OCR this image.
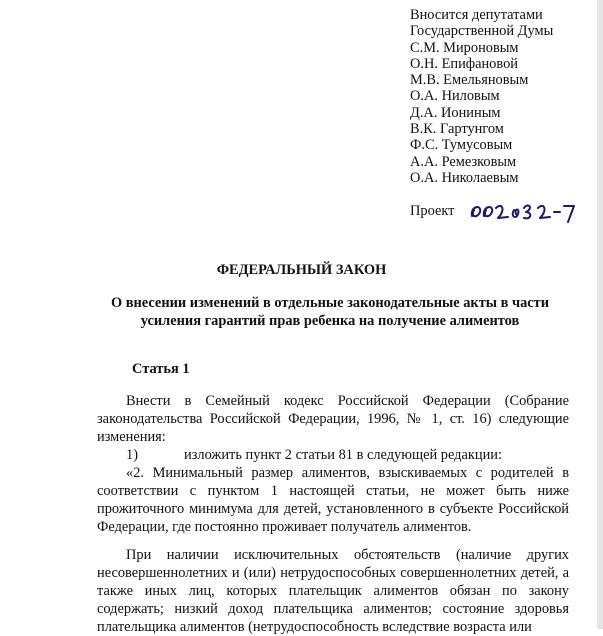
Вносится депутатами
Государственной Думы
С.М. Мироновым
О.Н. Епифановой
М.В. Емельяновым
О.А. Ниловым
Д.А. Иониным
В.К. Гартунгом
Ф.С. Тумусовым
А.А. Ремезковым
О.А. Николаевым
Проект
ФЕДЕРАЛЬНЫЙ ЗАКОН
О внесении изменений в отдельные законодательные акты в части
усиления гарантий прав ребенка на получение алиментов
Статья 1

Внести в Семейный кодекс Российской Федерации (Собрание законодательства Российской Федерации, 1996, № 1, ст. 16) следующие изменения:

1)	изложить пункт 2 статьи 81 в следующей редакции:

«2. Минимальный размер алиментов, взыскиваемых с родителей в соответствии с пунктом 1 настоящей статьи, не может быть ниже прожиточного минимума для детей, установленного в субъекте Российской Федерации, где постоянно проживает получатель алиментов.

При наличии исключительных обстоятельств (наличие других несовершеннолетних и (или) нетрудоспособных совершеннолетних детей, а также иных лиц, которых плательщик алиментов обязан по закону содержать; низкий доход плательщика алиментов; состояние здоровья плательщика алиментов (нетрудоспособность вследствие возраста или
